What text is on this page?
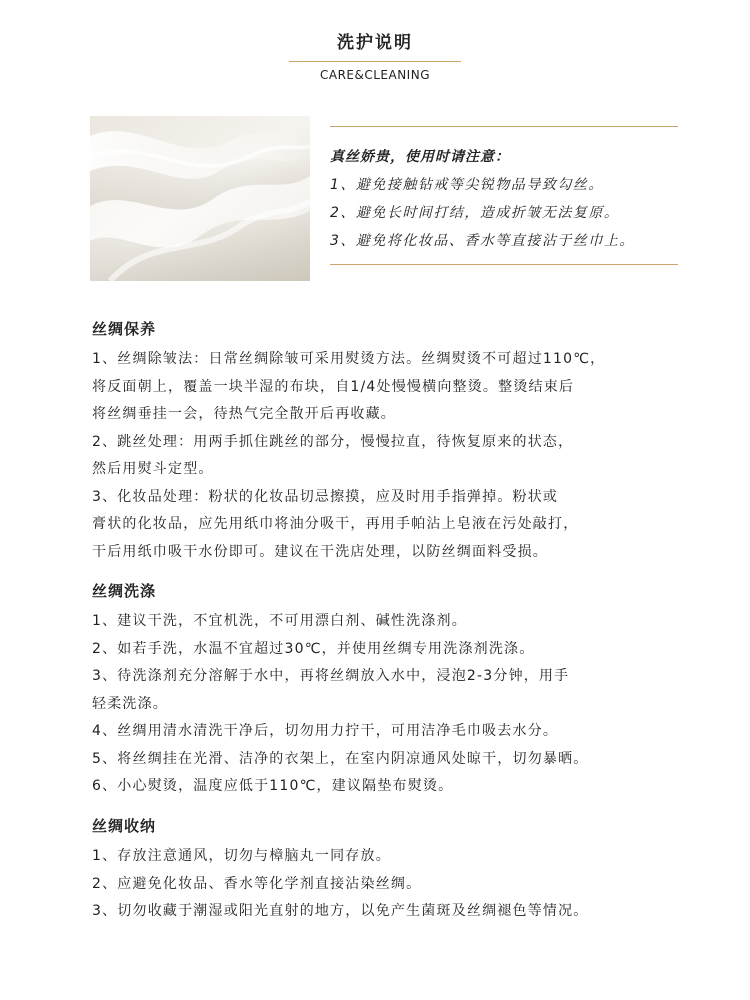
洗护说明
CARE&CLEANING
真丝娇贵，使用时请注意：
1、避免接触钻戒等尖锐物品导致勾丝。
2、避免长时间打结，造成折皱无法复原。
3、避免将化妆品、香水等直接沾于丝巾上。
丝绸保养
1、丝绸除皱法：日常丝绸除皱可采用熨烫方法。丝绸熨烫不可超过110℃，
将反面朝上，覆盖一块半湿的布块，自1/4处慢慢横向整烫。整烫结束后
将丝绸垂挂一会，待热气完全散开后再收藏。
2、跳丝处理：用两手抓住跳丝的部分，慢慢拉直，待恢复原来的状态，
然后用熨斗定型。
3、化妆品处理：粉状的化妆品切忌擦摸，应及时用手指弹掉。粉状或
膏状的化妆品，应先用纸巾将油分吸干，再用手帕沾上皂液在污处敲打，
干后用纸巾吸干水份即可。建议在干洗店处理，以防丝绸面料受损。
丝绸洗涤
1、建议干洗，不宜机洗，不可用漂白剂、碱性洗涤剂。
2、如若手洗，水温不宜超过30℃，并使用丝绸专用洗涤剂洗涤。
3、待洗涤剂充分溶解于水中，再将丝绸放入水中，浸泡2-3分钟，用手
轻柔洗涤。
4、丝绸用清水清洗干净后，切勿用力拧干，可用洁净毛巾吸去水分。
5、将丝绸挂在光滑、洁净的衣架上，在室内阴凉通风处晾干，切勿暴晒。
6、小心熨烫，温度应低于110℃，建议隔垫布熨烫。
丝绸收纳
1、存放注意通风，切勿与樟脑丸一同存放。
2、应避免化妆品、香水等化学剂直接沾染丝绸。
3、切勿收藏于潮湿或阳光直射的地方，以免产生菌斑及丝绸褪色等情况。
